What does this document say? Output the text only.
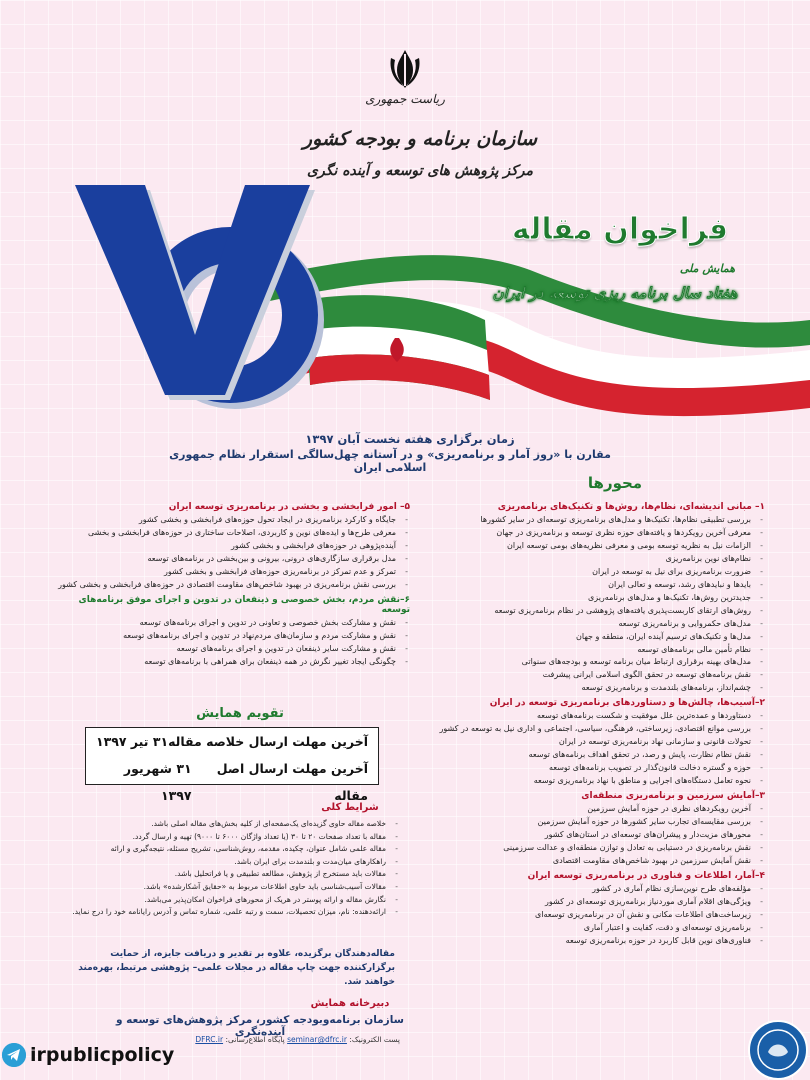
ریاست جمهوری
سازمان برنامه و بودجه کشور
مرکز پژوهش های توسعه و آینده نگری
70
فراخوان مقاله
همایش ملی
هفتاد سال برنامه ریزی توسعه در ایران
زمان برگزاری هفته نخست آبان ۱۳۹۷
مقارن با «روز آمار و برنامه‌ریزی» و در آستانه چهل‌سالگی استقرار نظام جمهوری اسلامی ایران
محورها
۱– مبانی اندیشه‌ای، نظام‌ها، روش‌ها و تکنیک‌های برنامه‌ریزی
- بررسی تطبیقی نظام‌ها، تکنیک‌ها و مدل‌های برنامه‌ریزی توسعه‌ای در سایر کشورها
- معرفی آخرین رویکردها و یافته‌های حوزه نظری توسعه و برنامه‌ریزی در جهان
- الزامات نیل به نظریه توسعه بومی و معرفی نظریه‌های بومی توسعه ایران
- نظام‌های نوین برنامه‌ریزی
- ضرورت برنامه‌ریزی برای نیل به توسعه در ایران
- بایدها و نبایدهای رشد، توسعه و تعالی ایران
- جدیدترین روش‌ها، تکنیک‌ها و مدل‌های برنامه‌ریزی
- روش‌های ارتقای کاربست‌پذیری یافته‌های پژوهشی در نظام برنامه‌ریزی توسعه
- مدل‌های حکمروایی و برنامه‌ریزی توسعه
- مدل‌ها و تکنیک‌های ترسیم آینده ایران، منطقه و جهان
- نظام تأمین مالی برنامه‌های توسعه
- مدل‌های بهینه برقراری ارتباط میان برنامه توسعه و بودجه‌های سنواتی
- نقش برنامه‌های توسعه در تحقق الگوی اسلامی ایرانی پیشرفت
- چشم‌انداز، برنامه‌های بلندمدت و برنامه‌ریزی توسعه
۲–آسیب‌ها، چالش‌ها و دستاوردهای برنامه‌ریزی توسعه در ایران
- دستاوردها و عمده‌ترین علل موفقیت و شکست برنامه‌های توسعه
- بررسی موانع اقتصادی، زیرساختی، فرهنگی، سیاسی، اجتماعی و اداری نیل به توسعه در کشور
- تحولات قانونی و سازمانی نهاد برنامه‌ریزی توسعه در ایران
- نقش نظام نظارت، پایش و رصد، در تحقق اهداف برنامه‌های توسعه
- حوزه و گستره دخالت قانون‌گذار در تصویب برنامه‌های توسعه
- نحوه تعامل دستگاه‌های اجرایی و مناطق با نهاد برنامه‌ریزی توسعه
۳–آمایش سرزمین و برنامه‌ریزی منطقه‌ای
- آخرین رویکردهای نظری در حوزه آمایش سرزمین
- بررسی مقایسه‌ای تجارب سایر کشورها در حوزه آمایش سرزمین
- محورهای مزیت‌دار و پیشران‌های توسعه‌ای در استان‌های کشور
- نقش برنامه‌ریزی در دستیابی به تعادل و توازن منطقه‌ای و عدالت سرزمینی
- نقش آمایش سرزمین در بهبود شاخص‌های مقاومت اقتصادی
۴–آمار، اطلاعات و فناوری در برنامه‌ریزی توسعه ایران
- مؤلفه‌های طرح نوین‌سازی نظام آماری در کشور
- ویژگی‌های اقلام آماری موردنیاز برنامه‌ریزی توسعه‌ای در کشور
- زیرساخت‌های اطلاعات مکانی و نقش آن در برنامه‌ریزی توسعه‌ای
- برنامه‌ریزی توسعه‌ای و دقت، کفایت و اعتبار آماری
- فناوری‌های نوین قابل کاربرد در حوزه برنامه‌ریزی توسعه
۵– امور فرابخشی و بخشی در برنامه‌ریزی توسعه ایران
- جایگاه و کارکرد برنامه‌ریزی در ایجاد تحول حوزه‌های فرابخشی و بخشی کشور
- معرفی طرح‌ها و ایده‌های نوین و کاربردی، اصلاحات ساختاری در حوزه‌های فرابخشی و بخشی
- آینده‌پژوهی در حوزه‌های فرابخشی و بخشی کشور
- مدل برقراری سازگاری‌های درونی، بیرونی و بین‌بخشی در برنامه‌های توسعه
- تمرکز و عدم تمرکز در برنامه‌ریزی حوزه‌های فرابخشی و بخشی کشور
- بررسی نقش برنامه‌ریزی در بهبود شاخص‌های مقاومت اقتصادی در حوزه‌های فرابخشی و بخشی کشور
۶–نقش مردم، بخش خصوصی و ذینفعان در تدوین و اجرای موفق برنامه‌های توسعه
- نقش و مشارکت بخش خصوصی و تعاونی در تدوین و اجرای برنامه‌های توسعه
- نقش و مشارکت مردم و سازمان‌های مردم‌نهاد در تدوین و اجرای برنامه‌های توسعه
- نقش و مشارکت سایر ذینفعان در تدوین و اجرای برنامه‌های توسعه
- چگونگی ایجاد تغییر نگرش در همه ذینفعان برای همراهی با برنامه‌های توسعه
تقویم همایش
آخرین مهلت ارسال خلاصه مقاله
۳۱ تیر ۱۳۹۷
آخرین مهلت ارسال اصل مقاله
۳۱ شهریور ۱۳۹۷
شرایط کلی
- خلاصه مقاله حاوی گزیده‌ای یک‌صفحه‌ای از کلیه بخش‌های مقاله اصلی باشد.
- مقاله با تعداد صفحات ۲۰ تا ۳۰ (یا تعداد واژگان ۶۰۰۰ تا ۹۰۰۰) تهیه و ارسال گردد.
- مقاله علمی شامل عنوان، چکیده، مقدمه، روش‌شناسی، تشریح مسئله، نتیجه‌گیری و ارائه
- راهکارهای میان‌مدت و بلندمدت برای ایران باشد.
- مقالات باید مستخرج از پژوهش، مطالعه تطبیقی و یا فراتحلیل باشد.
- مقالات آسیب‌شناسی باید حاوی اطلاعات مربوط به «حقایق آشکارشده» باشد.
- نگارش مقاله و ارائه پوستر در هریک از محورهای فراخوان امکان‌پذیر می‌باشد.
- ارائه‌دهنده: نام، میزان تحصیلات، سمت و رتبه علمی، شماره تماس و آدرس رایانامه خود را درج نماید.
مقاله‌دهندگان برگزیده، علاوه بر تقدیر و دریافت جایزه، از حمایت برگزارکننده جهت چاپ مقاله در مجلات علمی– پژوهشی مرتبط، بهره‌مند خواهند شد.
دبیرخانه همایش
سازمان برنامه‌وبودجه کشور، مرکز پژوهش‌های توسعه و آینده‌نگری
پست الکترونیک: seminar@dfrc.ir پایگاه اطلاع‌رسانی: DFRC.ir
irpublicpolicy
